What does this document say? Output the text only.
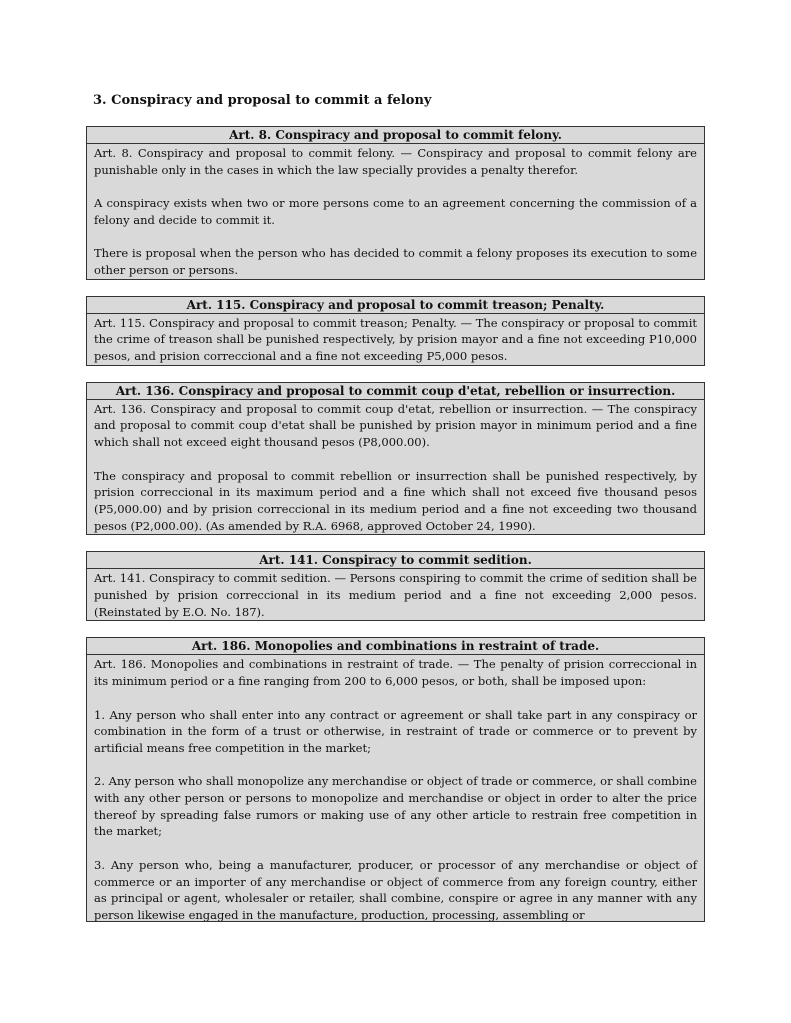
3. Conspiracy and proposal to commit a felony
Art. 8. Conspiracy and proposal to commit felony.

Art. 8. Conspiracy and proposal to commit felony. — Conspiracy and proposal to commit felony are punishable only in the cases in which the law specially provides a penalty therefor.

A conspiracy exists when two or more persons come to an agreement concerning the commission of a felony and decide to commit it.

There is proposal when the person who has decided to commit a felony proposes its execution to some other person or persons.

Art. 115. Conspiracy and proposal to commit treason; Penalty.

Art. 115. Conspiracy and proposal to commit treason; Penalty. — The conspiracy or proposal to commit the crime of treason shall be punished respectively, by prision mayor and a fine not exceeding P10,000 pesos, and prision correccional and a fine not exceeding P5,000 pesos.

Art. 136. Conspiracy and proposal to commit coup d'etat, rebellion or insurrection.

Art. 136. Conspiracy and proposal to commit coup d'etat, rebellion or insurrection. — The conspiracy and proposal to commit coup d'etat shall be punished by prision mayor in minimum period and a fine which shall not exceed eight thousand pesos (P8,000.00).

The conspiracy and proposal to commit rebellion or insurrection shall be punished respectively, by prision correccional in its maximum period and a fine which shall not exceed five thousand pesos (P5,000.00) and by prision correccional in its medium period and a fine not exceeding two thousand pesos (P2,000.00). (As amended by R.A. 6968, approved October 24, 1990).

Art. 141. Conspiracy to commit sedition.

Art. 141. Conspiracy to commit sedition. — Persons conspiring to commit the crime of sedition shall be punished by prision correccional in its medium period and a fine not exceeding 2,000 pesos. (Reinstated by E.O. No. 187).

Art. 186. Monopolies and combinations in restraint of trade.

Art. 186. Monopolies and combinations in restraint of trade. — The penalty of prision correccional in its minimum period or a fine ranging from 200 to 6,000 pesos, or both, shall be imposed upon:

1. Any person who shall enter into any contract or agreement or shall take part in any conspiracy or combination in the form of a trust or otherwise, in restraint of trade or commerce or to prevent by artificial means free competition in the market;

2. Any person who shall monopolize any merchandise or object of trade or commerce, or shall combine with any other person or persons to monopolize and merchandise or object in order to alter the price thereof by spreading false rumors or making use of any other article to restrain free competition in the market;

3. Any person who, being a manufacturer, producer, or processor of any merchandise or object of commerce or an importer of any merchandise or object of commerce from any foreign country, either as principal or agent, wholesaler or retailer, shall combine, conspire or agree in any manner with any person likewise engaged in the manufacture, production, processing, assembling or
